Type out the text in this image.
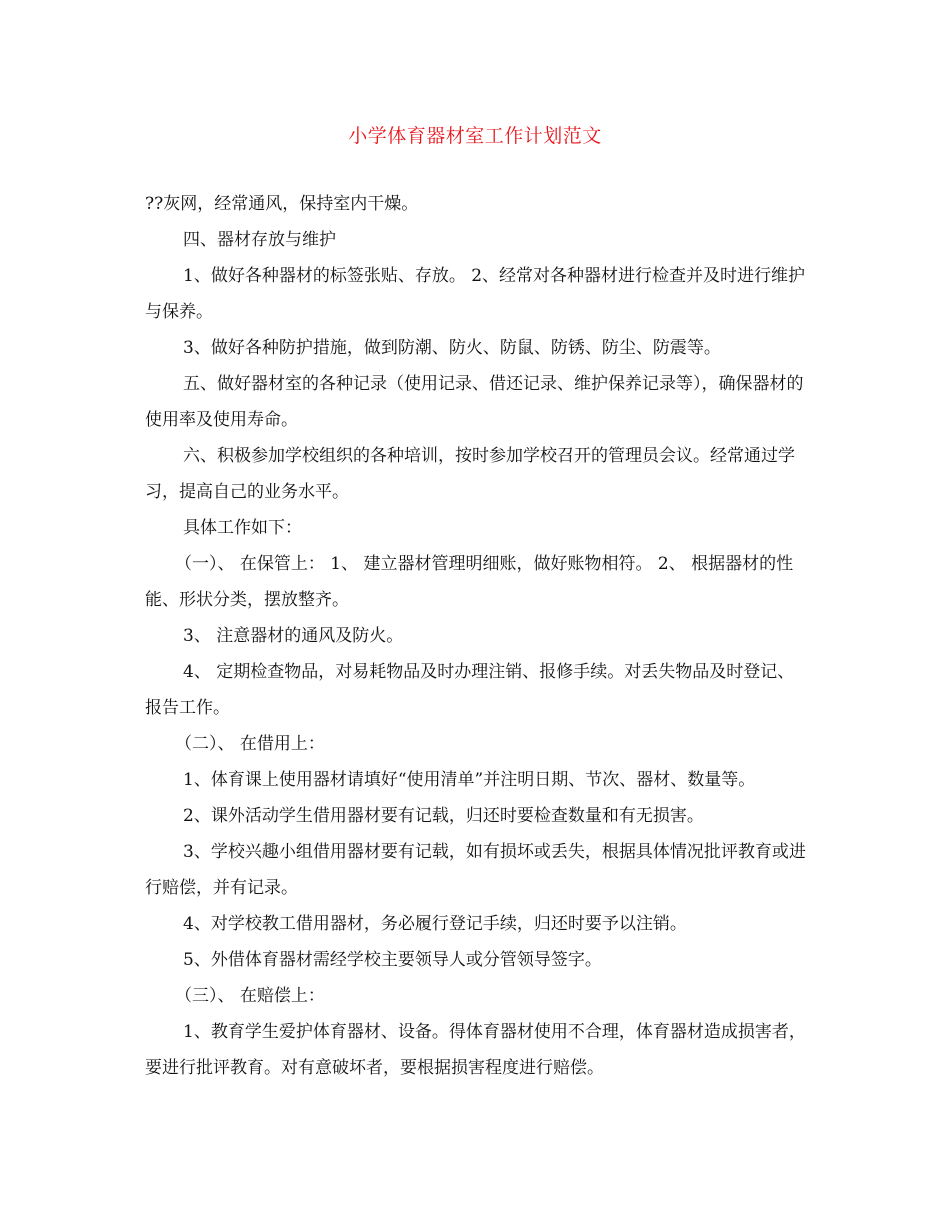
小学体育器材室工作计划范文

??灰网，经常通风，保持室内干燥。

四、器材存放与维护

1、做好各种器材的标签张贴、存放。 2、经常对各种器材进行检查并及时进行维护与保养。

3、做好各种防护措施，做到防潮、防火、防鼠、防锈、防尘、防震等。

五、做好器材室的各种记录（使用记录、借还记录、维护保养记录等），确保器材的使用率及使用寿命。

六、积极参加学校组织的各种培训，按时参加学校召开的管理员会议。经常通过学习，提高自己的业务水平。

具体工作如下：

（一）、 在保管上： 1、 建立器材管理明细账，做好账物相符。 2、 根据器材的性能、形状分类，摆放整齐。

3、 注意器材的通风及防火。

4、 定期检查物品，对易耗物品及时办理注销、报修手续。对丢失物品及时登记、报告工作。

（二）、 在借用上：

1、体育课上使用器材请填好“使用清单”并注明日期、节次、器材、数量等。

2、课外活动学生借用器材要有记载，归还时要检查数量和有无损害。

3、学校兴趣小组借用器材要有记载，如有损坏或丢失，根据具体情况批评教育或进行赔偿，并有记录。

4、对学校教工借用器材，务必履行登记手续，归还时要予以注销。

5、外借体育器材需经学校主要领导人或分管领导签字。

（三）、 在赔偿上：

1、教育学生爱护体育器材、设备。得体育器材使用不合理，体育器材造成损害者，要进行批评教育。对有意破坏者，要根据损害程度进行赔偿。
